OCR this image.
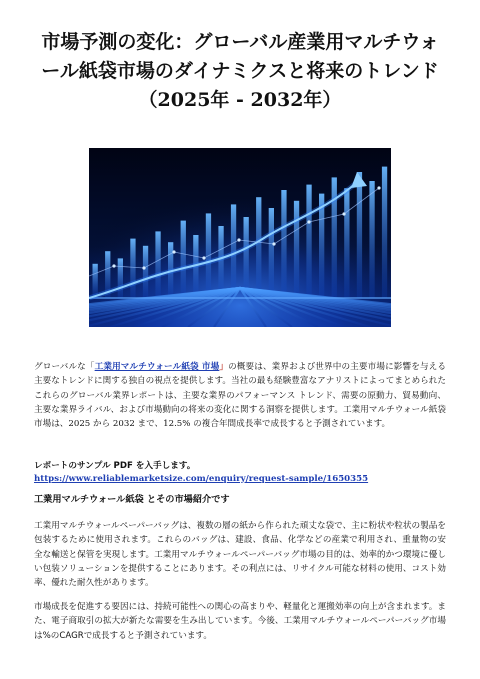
市場予測の変化：グローバル産業用マルチウォ
ール紙袋市場のダイナミクスと将来のトレンド
（2025年 - 2032年）

グローバルな「工業用マルチウォール紙袋 市場」の概要は、業界および世界中の主要市場に影響を与える主要なトレンドに関する独自の視点を提供します。当社の最も経験豊富なアナリストによってまとめられたこれらのグローバル業界レポートは、主要な業界のパフォーマンス トレンド、需要の原動力、貿易動向、主要な業界ライバル、および市場動向の将来の変化に関する洞察を提供します。工業用マルチウォール紙袋 市場は、2025 から 2032 まで、12.5% の複合年間成長率で成長すると予測されています。

レポートのサンプル PDF を入手します。https://www.reliablemarketsize.com/enquiry/request-sample/1650355

工業用マルチウォール紙袋 とその市場紹介です

工業用マルチウォールペーパーバッグは、複数の層の紙から作られた頑丈な袋で、主に粉状や粒状の製品を包装するために使用されます。これらのバッグは、建設、食品、化学などの産業で利用され、重量物の安全な輸送と保管を実現します。工業用マルチウォールペーパーバッグ市場の目的は、効率的かつ環境に優しい包装ソリューションを提供することにあります。その利点には、リサイクル可能な材料の使用、コスト効率、優れた耐久性があります。

市場成長を促進する要因には、持続可能性への関心の高まりや、軽量化と運搬効率の向上が含まれます。また、電子商取引の拡大が新たな需要を生み出しています。今後、工業用マルチウォールペーパーバッグ市場は%のCAGRで成長すると予測されています。
